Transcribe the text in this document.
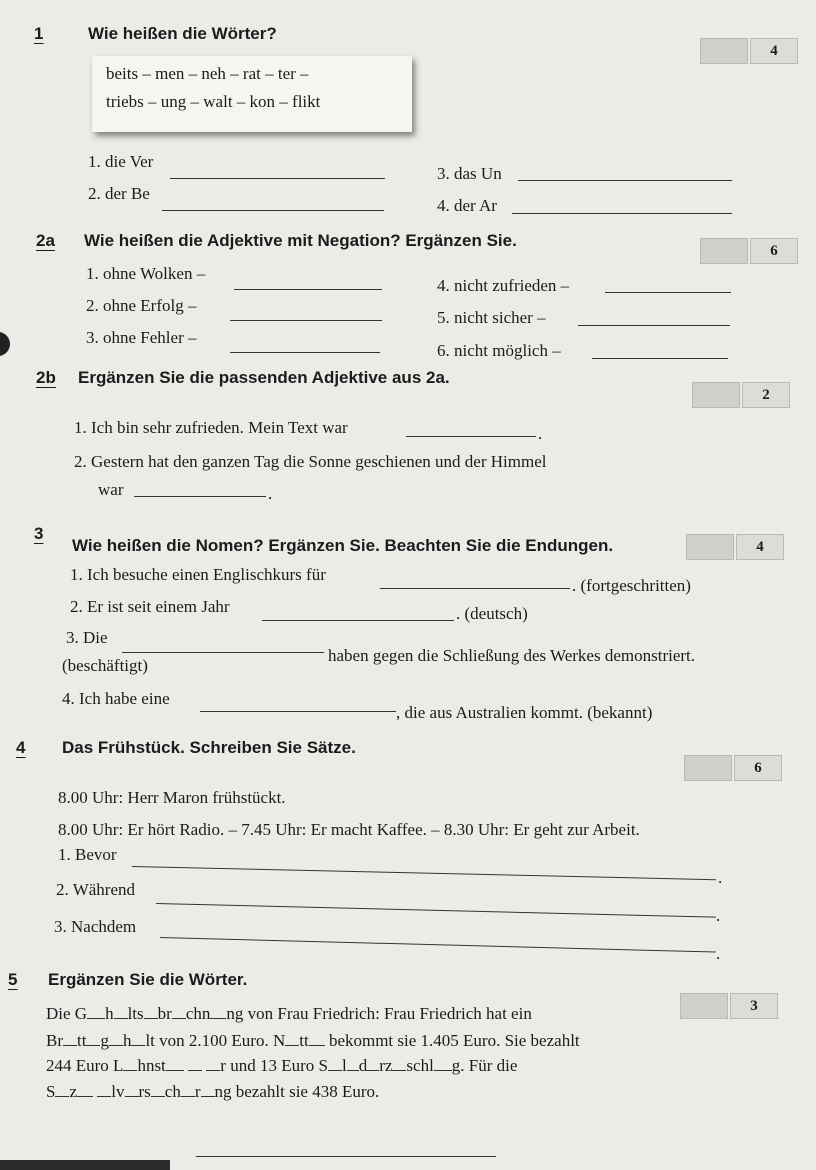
1	Wie heißen die Wörter?
4
beits – men – neh – rat – ter –
triebs – ung – walt – kon – flikt
1. die Ver
2. der Be
3. das Un
4. der Ar
2a Wie heißen die Adjektive mit Negation? Ergänzen Sie.
6
1. ohne Wolken –
2. ohne Erfolg –
3. ohne Fehler –
4. nicht zufrieden –
5. nicht sicher –
6. nicht möglich –
2b Ergänzen Sie die passenden Adjektive aus 2a.
2
1. Ich bin sehr zufrieden. Mein Text war	.
2. Gestern hat den ganzen Tag die Sonne geschienen und der Himmel
war	.
3
Wie heißen die Nomen? Ergänzen Sie. Beachten Sie die Endungen.	4
1. Ich besuche einen Englischkurs für
. (fortgeschritten)
2. Er ist seit einem Jahr	. (deutsch)
3. Die
haben gegen die Schließung des Werkes demonstriert.
(beschäftigt)
4. Ich habe eine
, die aus Australien kommt. (bekannt)
4 Das Frühstück. Schreiben Sie Sätze.
6
8.00 Uhr: Herr Maron frühstückt.
8.00 Uhr: Er hört Radio. – 7.45 Uhr: Er macht Kaffee. – 8.30 Uhr: Er geht zur Arbeit.
1. Bevor
.
2. Während
.
3. Nachdem
.
5 Ergänzen Sie die Wörter.
3
Die G h lts br chn ng von Frau Friedrich: Frau Friedrich hat ein
Br tt g h lt von 2.100 Euro. N tt bekommt sie 1.405 Euro. Sie bezahlt
244 Euro L hnst	r und 13 Euro S l d rz schl g. Für die
S z lv rs ch r ng bezahlt sie 438 Euro.
